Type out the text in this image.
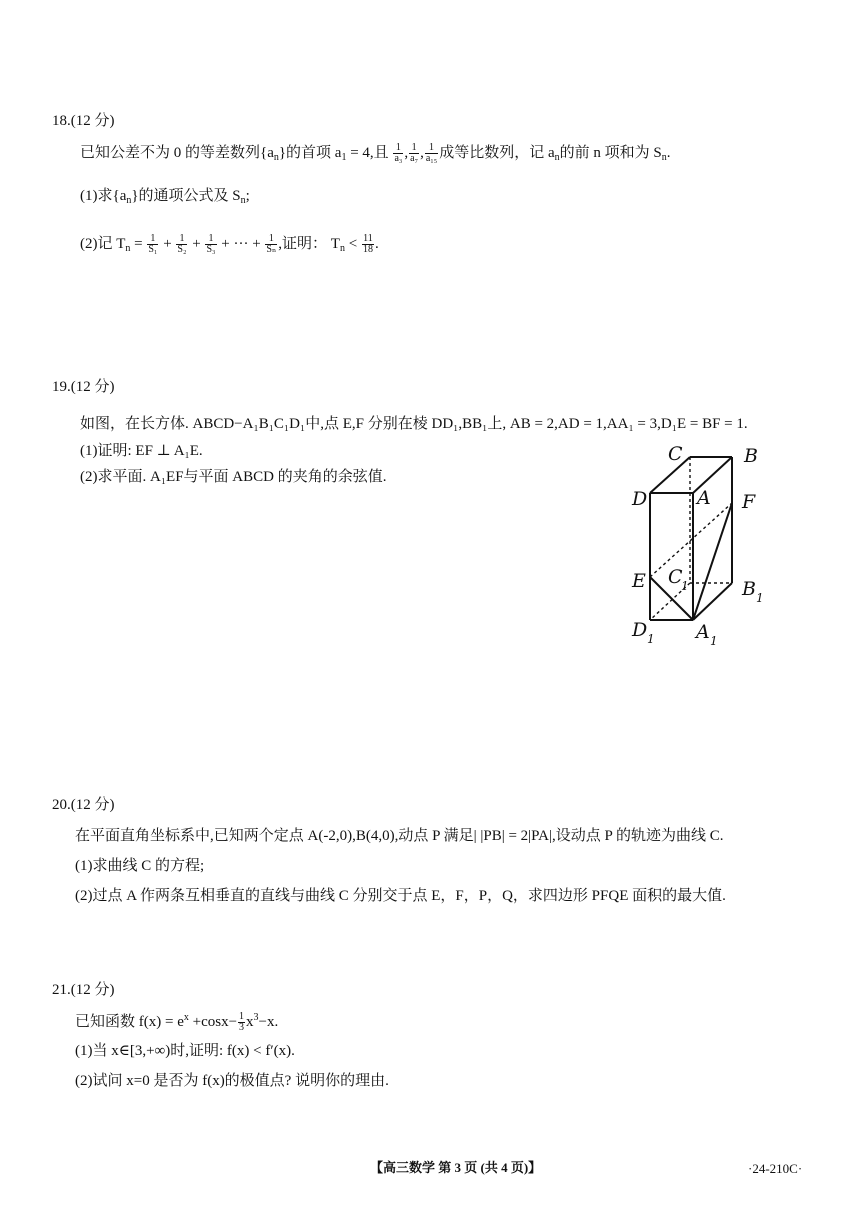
18.(12 分)
已知公差不为 0 的等差数列$\{a_n\}$的首项 $a_1 = 4$,且 $\frac{1}{\text{a₃}}$ , $\frac{1}{\text{a₇}}$ , $\frac{1}{\text{a₁₅}}$ 成等比数列，记 $a_n$的前 n 项和为 $S_n$.
(1)求$\{a_n\}$的通项公式及 $S_n$;
(2)记 $T_n = \frac{1}{\text{S₁}} + \frac{1}{\text{S₂}} + \frac{1}{\text{S₃}}$ + ··· + $\frac{1}{\text{Sₙ}}$ ,证明： $T_n < \frac{11}{18}$ .
19.(12 分)
如图，在长方体. ABCD−A₁B₁C₁D₁中,点 E,F 分别在棱 DD₁,BB₁上, AB = 2,AD = 1,AA₁ = 3,D₁E = BF = 1.
(1)证明: EF ⊥ A₁E.
(2)求平面. A₁EF与平面 ABCD 的夹角的余弦值.
C	B
D	A F
E C
1	B 1
D 1 A 1
20.(12 分)
在平面直角坐标系中,已知两个定点 A(-2,0),B(4,0),动点 P 满足| |PB| = 2|PA|,设动点 P 的轨迹为曲线 C.
(1)求曲线 C 的方程;
(2)过点 A 作两条互相垂直的直线与曲线 C 分别交于点 E，F，P，Q，求四边形 PFQE 面积的最大值.
21.(12 分)
已知函数 $f(x) = e^x +\cos x- \frac{1}{3} x^3-x$.
(1)当 x∈[3,+∞)时,证明: f(x) < f′(x).
(2)试问 x=0 是否为 f(x)的极值点? 说明你的理由.
【高三数学 第 3 页 (共 4 页)】	·24-210C·
